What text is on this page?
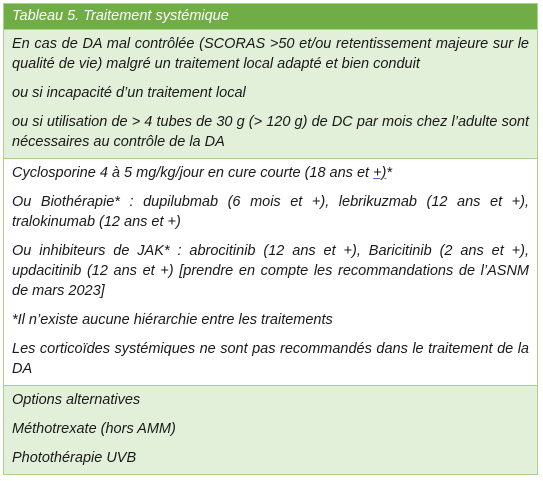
Tableau 5. Traitement systémique

En cas de DA mal contrôlée (SCORAS >50 et/ou retentissement majeure sur le qualité de vie) malgré un traitement local adapté et bien conduit

ou si incapacité d’un traitement local

ou si utilisation de > 4 tubes de 30 g (> 120 g) de DC par mois chez l’adulte sont nécessaires au contrôle de la DA

Cyclosporine 4 à 5 mg/kg/jour en cure courte (18 ans et +)*

Ou Biothérapie* : dupilubmab (6 mois et +), lebrikuzmab (12 ans et +), tralokinumab (12 ans et +)

Ou inhibiteurs de JAK* : abrocitinib (12 ans et +), Baricitinib (2 ans et +), updacitinib (12 ans et +) [prendre en compte les recommandations de l’ASNM de mars 2023]

*Il n’existe aucune hiérarchie entre les traitements

Les corticoïdes systémiques ne sont pas recommandés dans le traitement de la DA

Options alternatives

Méthotrexate (hors AMM)

Photothérapie UVB
